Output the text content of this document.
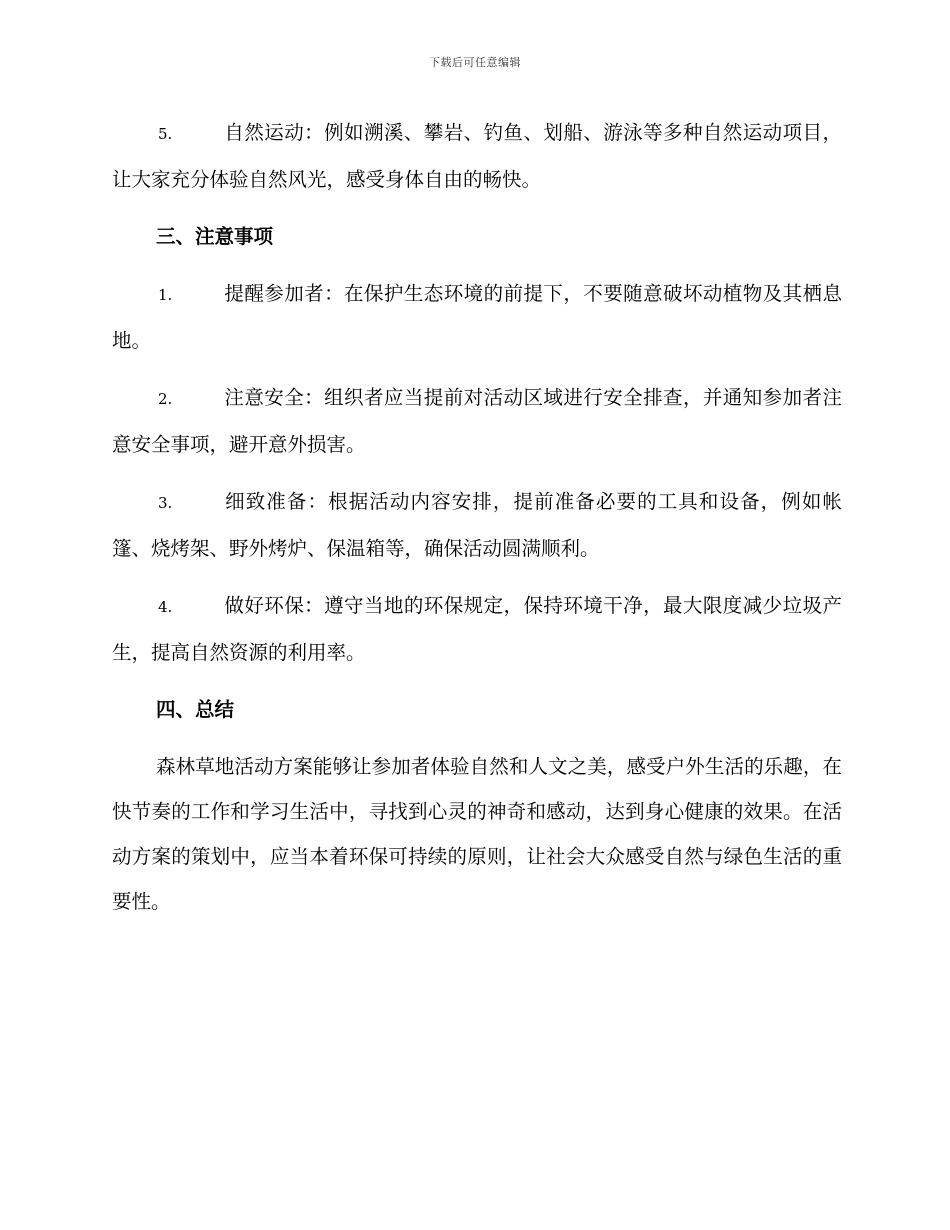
下载后可任意编辑

5.	自然运动：例如溯溪、攀岩、钓鱼、划船、游泳等多种自然运动项目，让大家充分体验自然风光，感受身体自由的畅快。

三、注意事项

1.	提醒参加者：在保护生态环境的前提下，不要随意破坏动植物及其栖息地。

2.	注意安全：组织者应当提前对活动区域进行安全排查，并通知参加者注意安全事项，避开意外损害。

3.	细致准备：根据活动内容安排，提前准备必要的工具和设备，例如帐篷、烧烤架、野外烤炉、保温箱等，确保活动圆满顺利。

4.	做好环保：遵守当地的环保规定，保持环境干净，最大限度减少垃圾产生，提高自然资源的利用率。

四、总结

森林草地活动方案能够让参加者体验自然和人文之美，感受户外生活的乐趣，在快节奏的工作和学习生活中，寻找到心灵的神奇和感动，达到身心健康的效果。在活动方案的策划中，应当本着环保可持续的原则，让社会大众感受自然与绿色生活的重要性。
